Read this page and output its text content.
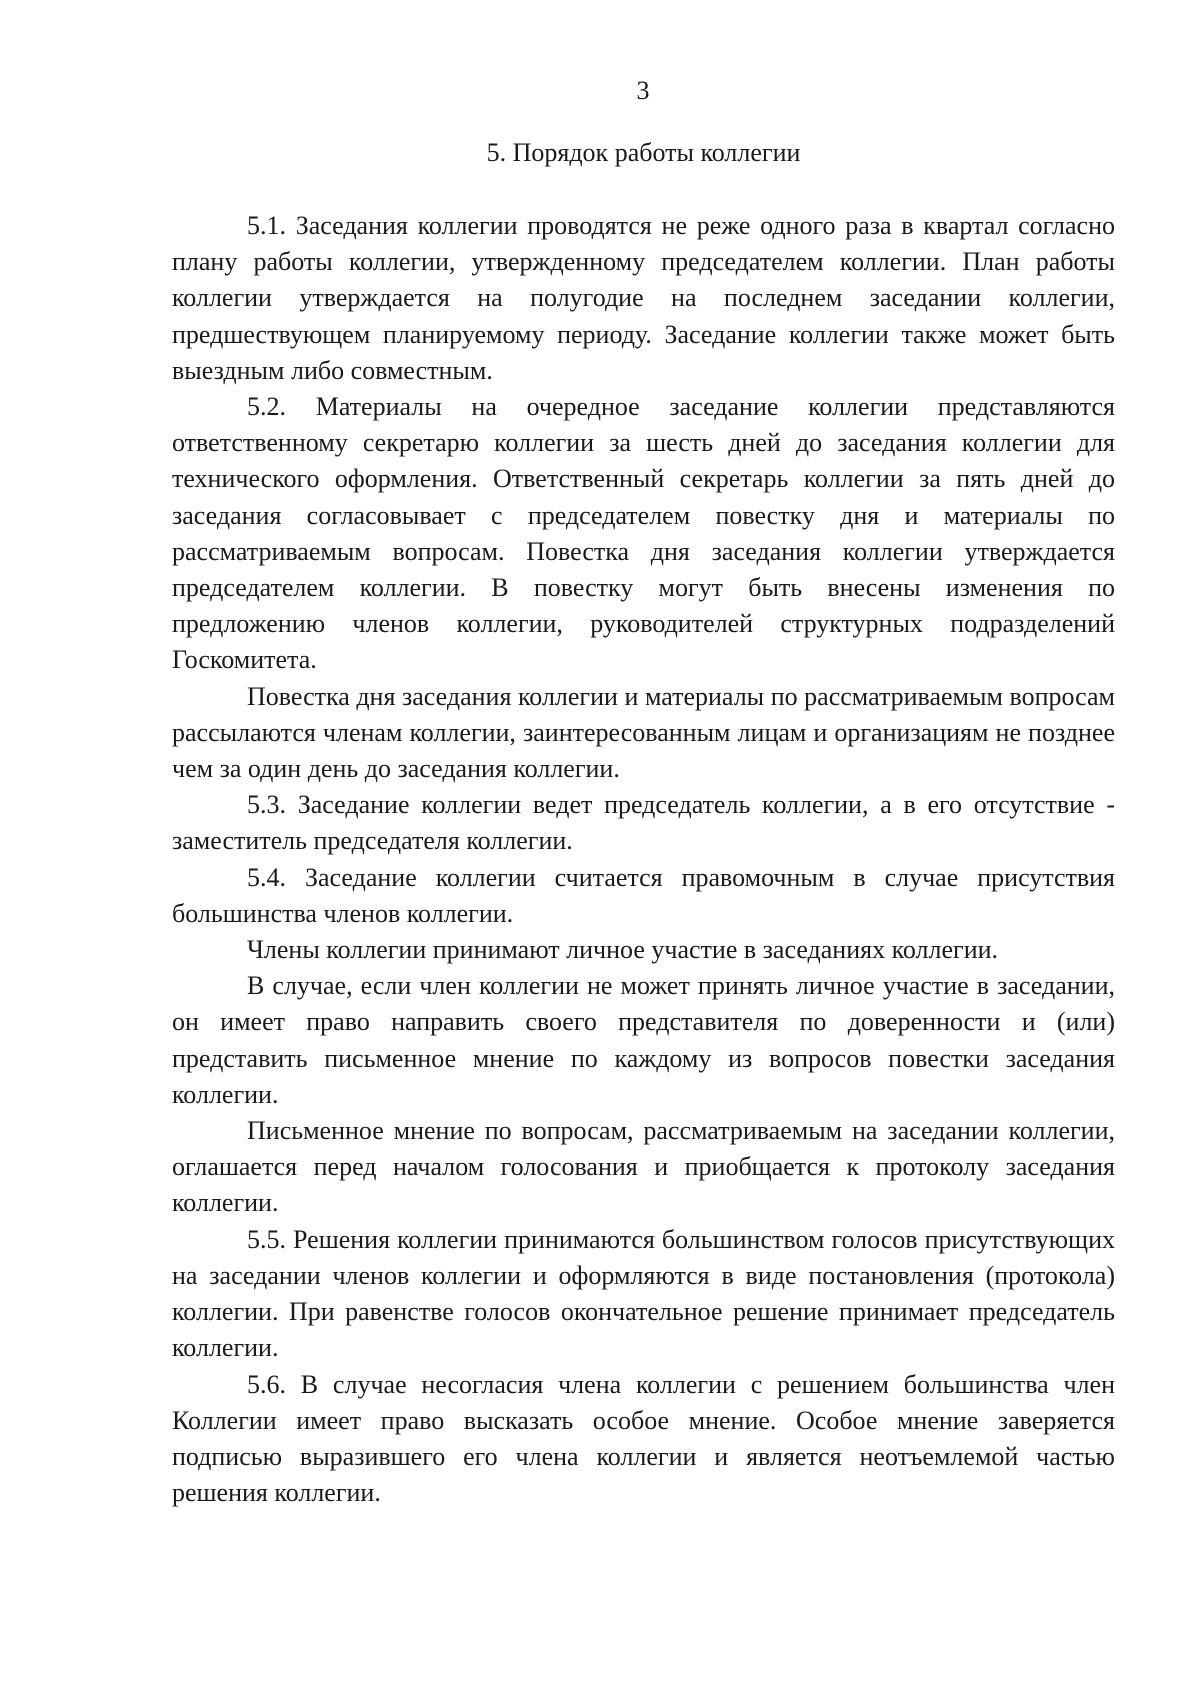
3
5. Порядок работы коллегии

5.1. Заседания коллегии проводятся не реже одного раза в квартал согласно плану работы коллегии, утвержденному председателем коллегии. План работы коллегии утверждается на полугодие на последнем заседании коллегии, предшествующем планируемому периоду. Заседание коллегии также может быть выездным либо совместным.

5.2. Материалы на очередное заседание коллегии представляются ответственному секретарю коллегии за шесть дней до заседания коллегии для технического оформления. Ответственный секретарь коллегии за пять дней до заседания согласовывает с председателем повестку дня и материалы по рассматриваемым вопросам. Повестка дня заседания коллегии утверждается председателем коллегии. В повестку могут быть внесены изменения по предложению членов коллегии, руководителей структурных подразделений Госкомитета.

Повестка дня заседания коллегии и материалы по рассматриваемым вопросам рассылаются членам коллегии, заинтересованным лицам и организациям не позднее чем за один день до заседания коллегии.

5.3. Заседание коллегии ведет председатель коллегии, а в его отсутствие - заместитель председателя коллегии.

5.4. Заседание коллегии считается правомочным в случае присутствия большинства членов коллегии.

Члены коллегии принимают личное участие в заседаниях коллегии.

В случае, если член коллегии не может принять личное участие в заседании, он имеет право направить своего представителя по доверенности и (или) представить письменное мнение по каждому из вопросов повестки заседания коллегии.

Письменное мнение по вопросам, рассматриваемым на заседании коллегии, оглашается перед началом голосования и приобщается к протоколу заседания коллегии.

5.5. Решения коллегии принимаются большинством голосов присутствующих на заседании членов коллегии и оформляются в виде постановления (протокола) коллегии. При равенстве голосов окончательное решение принимает председатель коллегии.

5.6. В случае несогласия члена коллегии с решением большинства член Коллегии имеет право высказать особое мнение. Особое мнение заверяется подписью выразившего его члена коллегии и является неотъемлемой частью решения коллегии.
